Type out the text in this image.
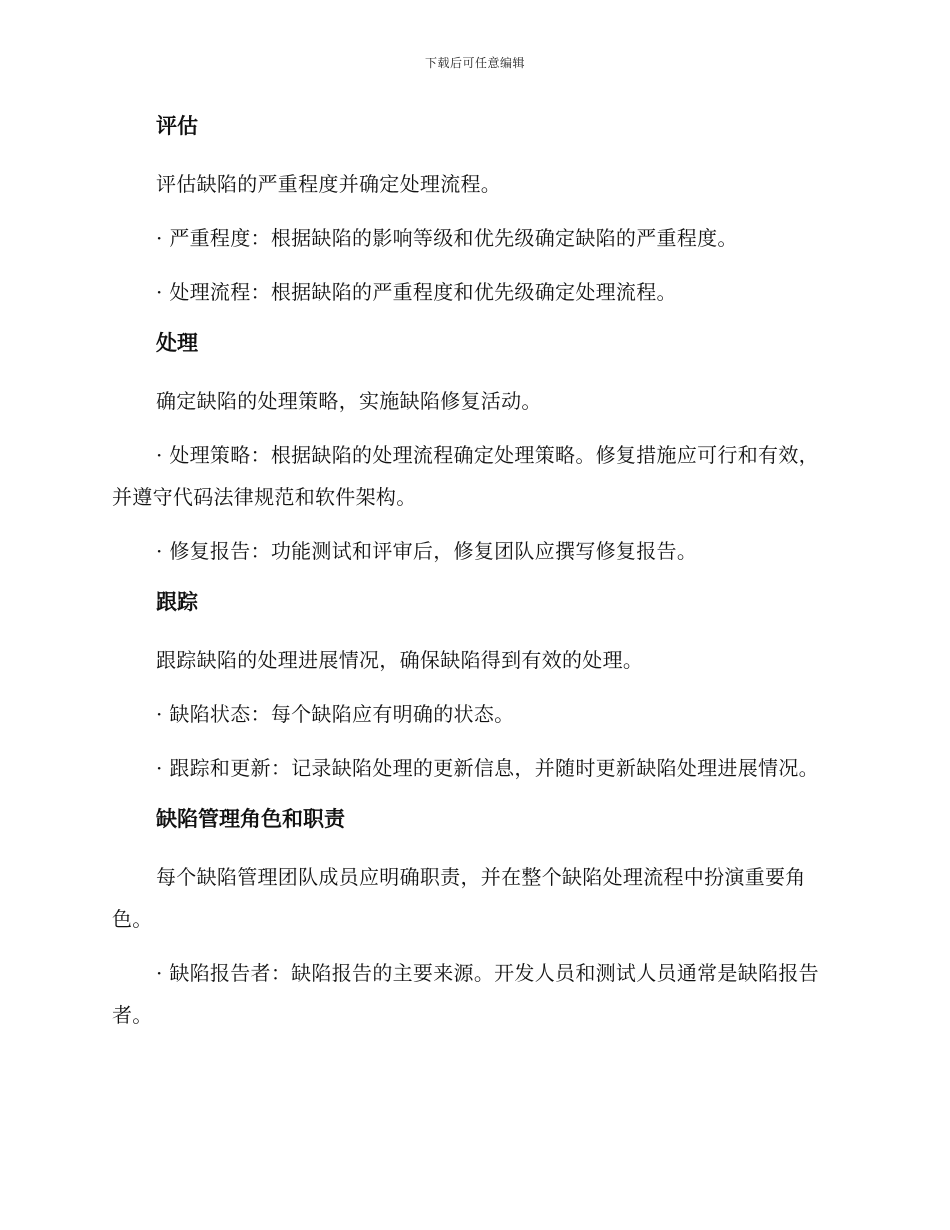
下载后可任意编辑
评估

评估缺陷的严重程度并确定处理流程。

· 严重程度：根据缺陷的影响等级和优先级确定缺陷的严重程度。

· 处理流程：根据缺陷的严重程度和优先级确定处理流程。

处理

确定缺陷的处理策略，实施缺陷修复活动。

· 处理策略：根据缺陷的处理流程确定处理策略。修复措施应可行和有效，并遵守代码法律规范和软件架构。

· 修复报告：功能测试和评审后，修复团队应撰写修复报告。

跟踪

跟踪缺陷的处理进展情况，确保缺陷得到有效的处理。

· 缺陷状态：每个缺陷应有明确的状态。

· 跟踪和更新：记录缺陷处理的更新信息，并随时更新缺陷处理进展情况。

缺陷管理角色和职责

每个缺陷管理团队成员应明确职责，并在整个缺陷处理流程中扮演重要角色。

· 缺陷报告者：缺陷报告的主要来源。开发人员和测试人员通常是缺陷报告者。
